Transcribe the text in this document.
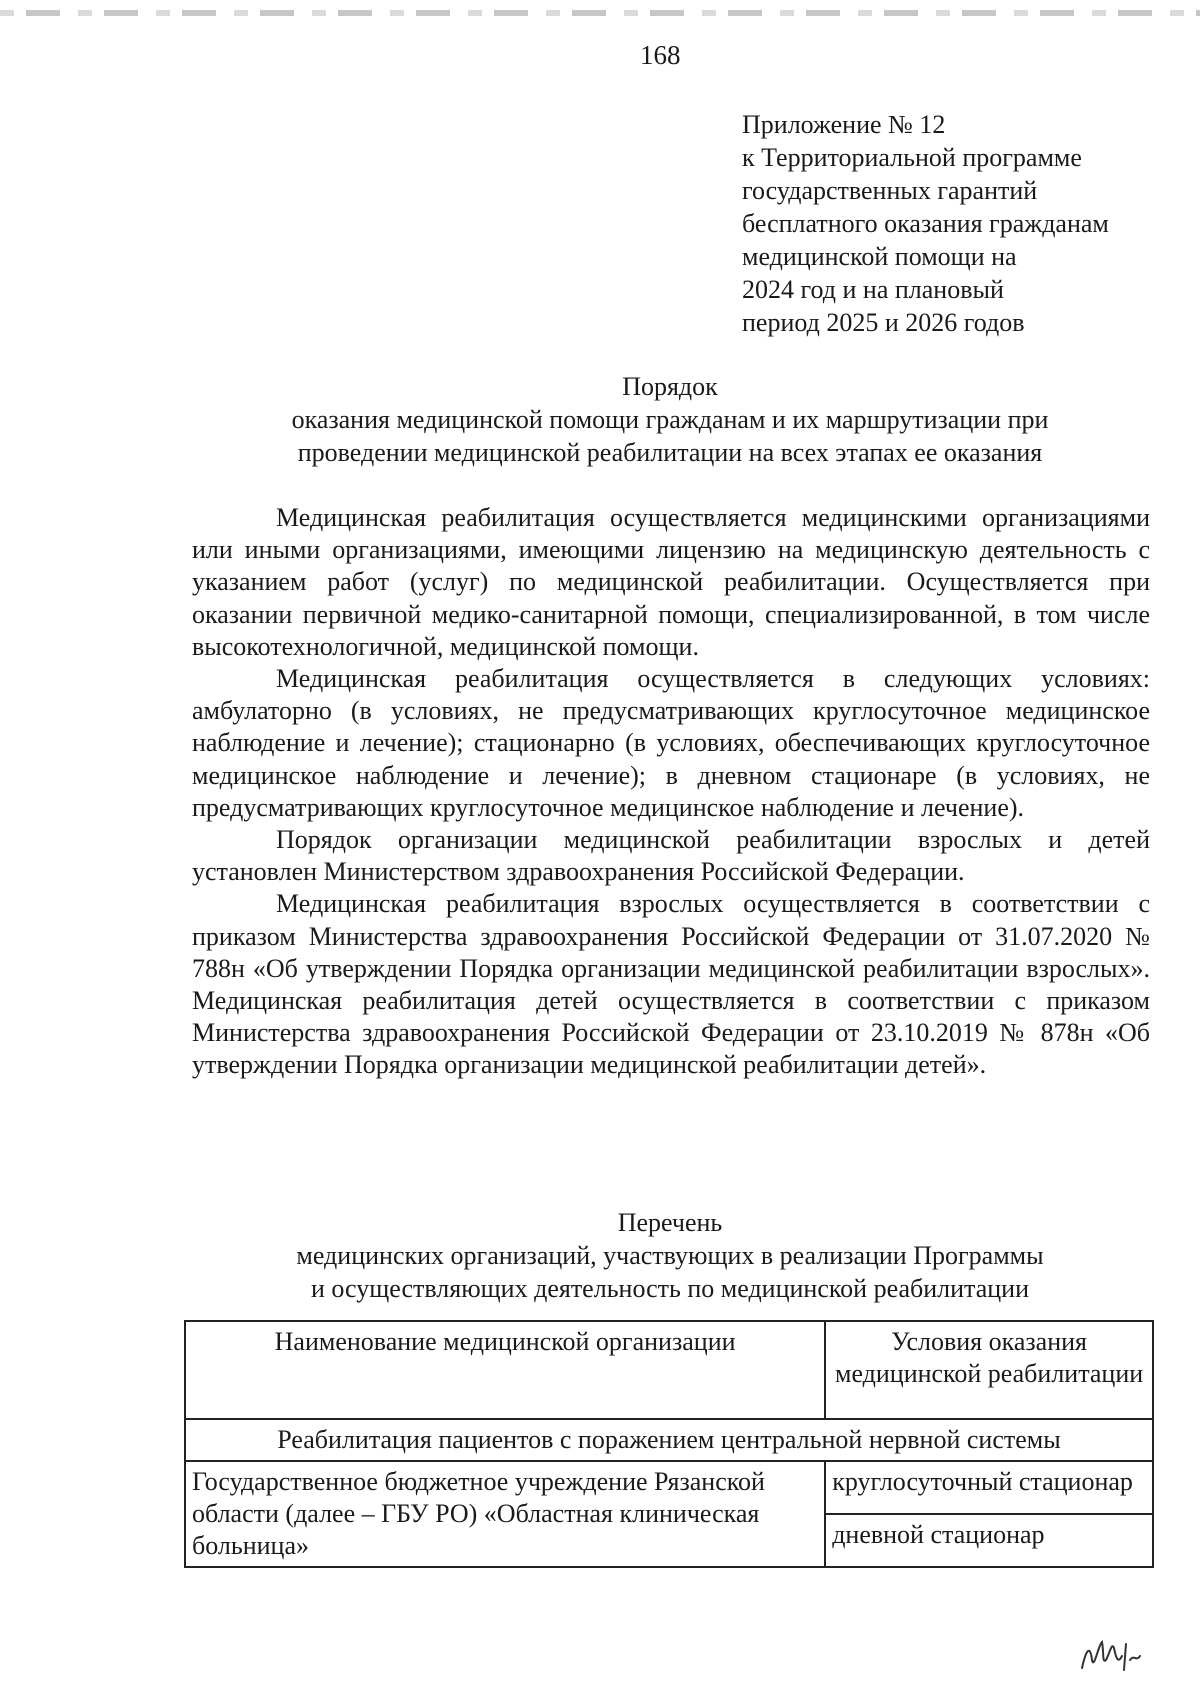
168
Приложение № 12
к Территориальной программе
государственных гарантий
бесплатного оказания гражданам
медицинской помощи на
2024 год и на плановый
период 2025 и 2026 годов
Порядок
оказания медицинской помощи гражданам и их маршрутизации при
проведении медицинской реабилитации на всех этапах ее оказания

Медицинская реабилитация осуществляется медицинскими организациями или иными организациями, имеющими лицензию на медицинскую деятельность с указанием работ (услуг) по медицинской реабилитации. Осуществляется при оказании первичной медико-санитарной помощи, специализированной, в том числе высокотехнологичной, медицинской помощи.

Медицинская реабилитация осуществляется в следующих условиях: амбулаторно (в условиях, не предусматривающих круглосуточное медицинское наблюдение и лечение); стационарно (в условиях, обеспечивающих круглосуточное медицинское наблюдение и лечение); в дневном стационаре (в условиях, не предусматривающих круглосуточное медицинское наблюдение и лечение).

Порядок организации медицинской реабилитации взрослых и детей установлен Министерством здравоохранения Российской Федерации.

Медицинская реабилитация взрослых осуществляется в соответствии с приказом Министерства здравоохранения Российской Федерации от 31.07.2020 № 788н «Об утверждении Порядка организации медицинской реабилитации взрослых». Медицинская реабилитация детей осуществляется в соответствии с приказом Министерства здравоохранения Российской Федерации от 23.10.2019 № 878н «Об утверждении Порядка организации медицинской реабилитации детей».

Перечень
медицинских организаций, участвующих в реализации Программы
и осуществляющих деятельность по медицинской реабилитации
Наименование медицинской организации	Условия оказания медицинской реабилитации
Реабилитация пациентов с поражением центральной нервной системы	
Государственное бюджетное учреждение Рязанской области (далее – ГБУ РО) «Областная клиническая больница»	круглосуточный стационар
	дневной стационар
